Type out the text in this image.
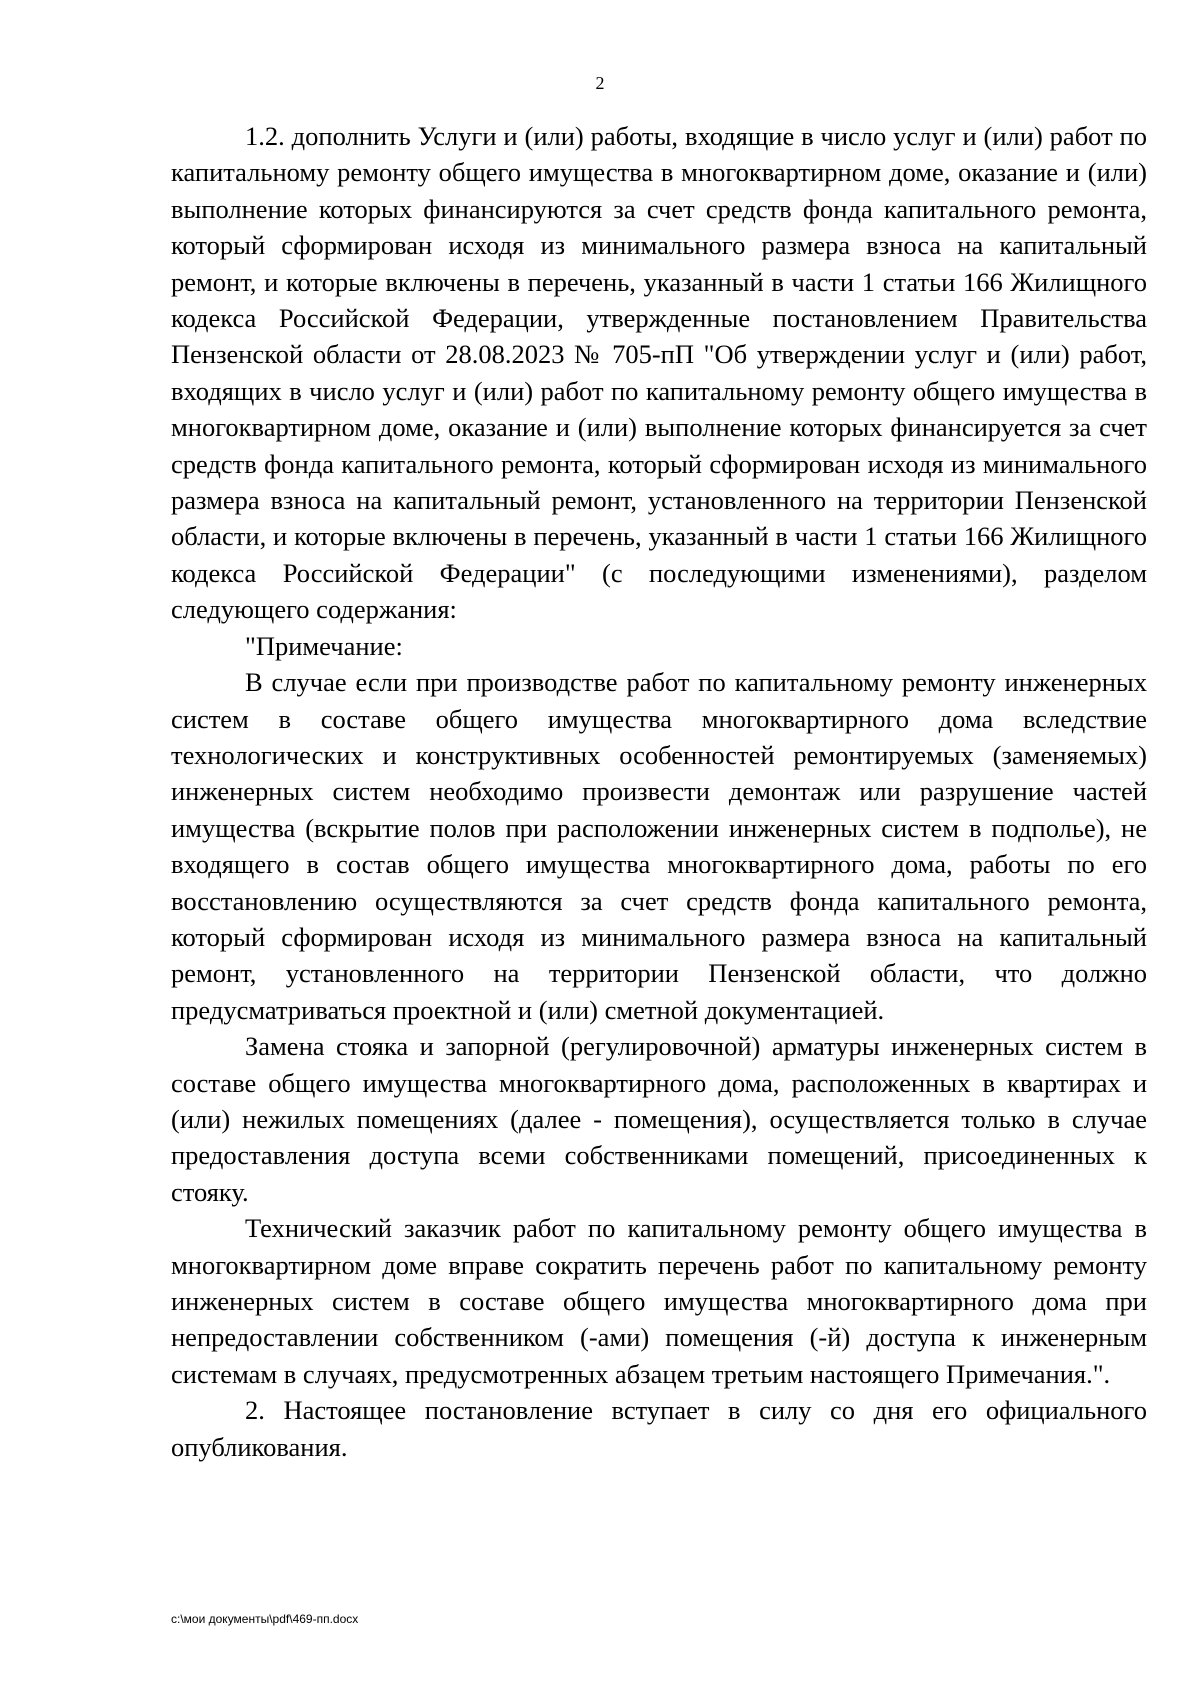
2

1.2. дополнить Услуги и (или) работы, входящие в число услуг и (или) работ по капитальному ремонту общего имущества в многоквартирном доме, оказание и (или) выполнение которых финансируются за счет средств фонда капитального ремонта, который сформирован исходя из минимального размера взноса на капитальный ремонт, и которые включены в перечень, указанный в части 1 статьи 166 Жилищного кодекса Российской Федерации, утвержденные постановлением Правительства Пензенской области от 28.08.2023 № 705-пП "Об утверждении услуг и (или) работ, входящих в число услуг и (или) работ по капитальному ремонту общего имущества в многоквартирном доме, оказание и (или) выполнение которых финансируется за счет средств фонда капитального ремонта, который сформирован исходя из минимального размера взноса на капитальный ремонт, установленного на территории Пензенской области, и которые включены в перечень, указанный в части 1 статьи 166 Жилищного кодекса Российской Федерации" (с последующими изменениями), разделом следующего содержания:

"Примечание:

В случае если при производстве работ по капитальному ремонту инженерных систем в составе общего имущества многоквартирного дома вследствие технологических и конструктивных особенностей ремонтируемых (заменяемых) инженерных систем необходимо произвести демонтаж или разрушение частей имущества (вскрытие полов при расположении инженерных систем в подполье), не входящего в состав общего имущества многоквартирного дома, работы по его восстановлению осуществляются за счет средств фонда капитального ремонта, который сформирован исходя из минимального размера взноса на капитальный ремонт, установленного на территории Пензенской области, что должно предусматриваться проектной и (или) сметной документацией.

Замена стояка и запорной (регулировочной) арматуры инженерных систем в составе общего имущества многоквартирного дома, расположенных в квартирах и (или) нежилых помещениях (далее - помещения), осуществляется только в случае предоставления доступа всеми собственниками помещений, присоединенных к стояку.

Технический заказчик работ по капитальному ремонту общего имущества в многоквартирном доме вправе сократить перечень работ по капитальному ремонту инженерных систем в составе общего имущества многоквартирного дома при непредоставлении собственником (-ами) помещения (-й) доступа к инженерным системам в случаях, предусмотренных абзацем третьим настоящего Примечания.".

2. Настоящее постановление вступает в силу со дня его официального опубликования.

c:\мои документы\pdf\469-пп.docx
